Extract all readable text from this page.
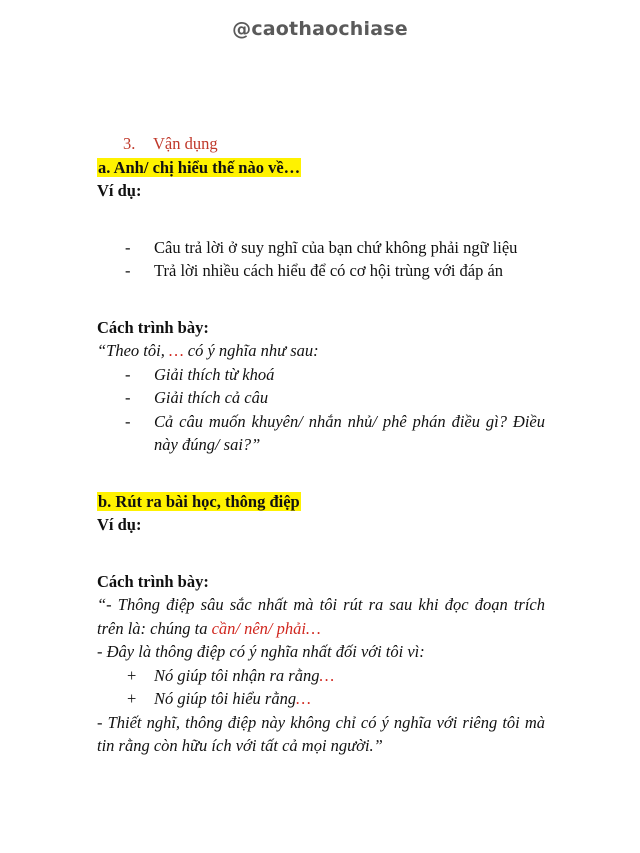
@caothaochiase

3. Vận dụng

a. Anh/ chị hiểu thế nào về…

Ví dụ:

- Câu trả lời ở suy nghĩ của bạn chứ không phải ngữ liệu
- Trả lời nhiều cách hiểu để có cơ hội trùng với đáp án

Cách trình bày:

“Theo tôi, … có ý nghĩa như sau:

- Giải thích từ khoá
- Giải thích cả câu
- Cả câu muốn khuyên/ nhắn nhủ/ phê phán điều gì? Điều này đúng/ sai?”

b. Rút ra bài học, thông điệp

Ví dụ:

Cách trình bày:

“- Thông điệp sâu sắc nhất mà tôi rút ra sau khi đọc đoạn trích trên là: chúng ta cần/ nên/ phải…

- Đây là thông điệp có ý nghĩa nhất đối với tôi vì:

+ Nó giúp tôi nhận ra rằng…
+ Nó giúp tôi hiểu rằng…

- Thiết nghĩ, thông điệp này không chỉ có ý nghĩa với riêng tôi mà tin rằng còn hữu ích với tất cả mọi người.”
